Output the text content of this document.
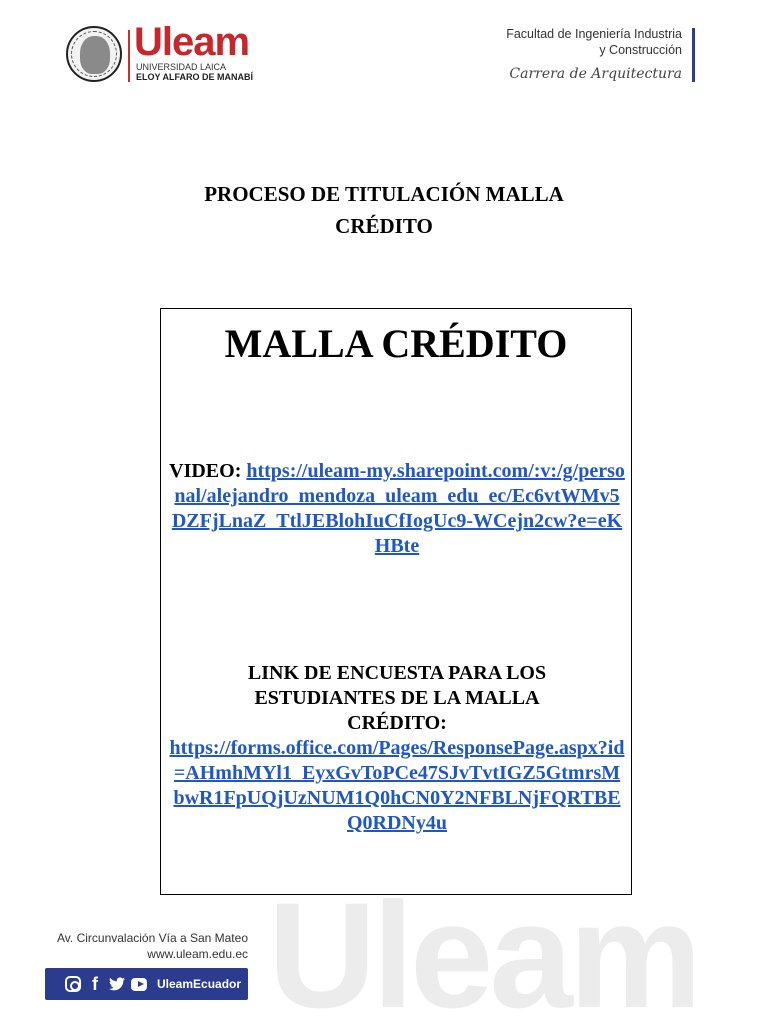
Uleam
UNIVERSIDAD LAICA
ELOY ALFARO DE MANABÍ
Facultad de Ingeniería Industria
y Construcción
Carrera de Arquitectura
PROCESO DE TITULACIÓN MALLA
CRÉDITO
MALLA CRÉDITO
VIDEO: https://uleam-my.sharepoint.com/:v:/g/personal/alejandro_mendoza_uleam_edu_ec/Ec6vtWMv5DZFjLnaZ_TtlJEBlohIuCfIogUc9-WCejn2cw?e=eKHBte
LINK DE ENCUESTA PARA LOS
ESTUDIANTES DE LA MALLA
CRÉDITO:
https://forms.office.com/Pages/ResponsePage.aspx?id=AHmhMYl1_EyxGvToPCe47SJvTvtIGZ5GtmrsMbwR1FpUQjUzNUM1Q0hCN0Y2NFBLNjFQRTBEQ0RDNy4u
Uleam
Av. Circunvalación Vía a San Mateo
www.uleam.edu.ec
f	UleamEcuador
